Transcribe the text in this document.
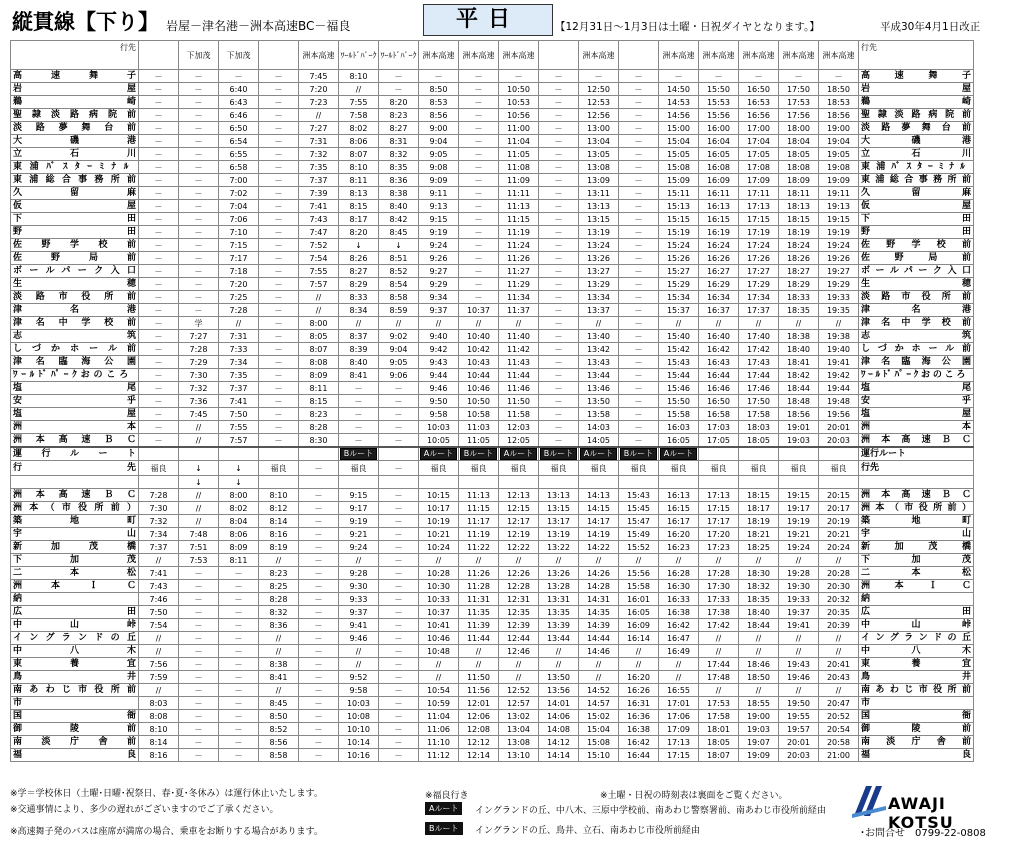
縦貫線【下り】 岩屋－津名港－洲本高速BC－福良	平日	【12月31日～1月3日は土曜・日祝ダイヤとなります。】	平成30年4月1日改正
行先		下加茂	下加茂		洲本高速	ﾜｰﾙﾄﾞﾊﾟｰｸ	ﾜｰﾙﾄﾞﾊﾟｰｸ	洲本高速	洲本高速	洲本高速		洲本高速		洲本高速	洲本高速	洲本高速	洲本高速	洲本高速	行先
高速舞子	－	－	－	－	7:45	8:10	－	－	－	－	－	－	－	－	－	－	－	－	高速舞子
岩屋	－	－	6:40	－	7:20	//	－	8:50	－	10:50	－	12:50	－	14:50	15:50	16:50	17:50	18:50	岩屋
鵜崎	－	－	6:43	－	7:23	7:55	8:20	8:53	－	10:53	－	12:53	－	14:53	15:53	16:53	17:53	18:53	鵜崎
聖隷淡路病院前	－	－	6:46	－	//	7:58	8:23	8:56	－	10:56	－	12:56	－	14:56	15:56	16:56	17:56	18:56	聖隷淡路病院前
淡路夢舞台前	－	－	6:50	－	7:27	8:02	8:27	9:00	－	11:00	－	13:00	－	15:00	16:00	17:00	18:00	19:00	淡路夢舞台前
大磯港	－	－	6:54	－	7:31	8:06	8:31	9:04	－	11:04	－	13:04	－	15:04	16:04	17:04	18:04	19:04	大磯港
立石川	－	－	6:55	－	7:32	8:07	8:32	9:05	－	11:05	－	13:05	－	15:05	16:05	17:05	18:05	19:05	立石川
東浦ﾊﾞｽﾀｰﾐﾅﾙ	－	－	6:58	－	7:35	8:10	8:35	9:08	－	11:08	－	13:08	－	15:08	16:08	17:08	18:08	19:08	東浦ﾊﾞｽﾀｰﾐﾅﾙ
東浦総合事務所前	－	－	7:00	－	7:37	8:11	8:36	9:09	－	11:09	－	13:09	－	15:09	16:09	17:09	18:09	19:09	東浦総合事務所前
久留麻	－	－	7:02	－	7:39	8:13	8:38	9:11	－	11:11	－	13:11	－	15:11	16:11	17:11	18:11	19:11	久留麻
仮屋	－	－	7:04	－	7:41	8:15	8:40	9:13	－	11:13	－	13:13	－	15:13	16:13	17:13	18:13	19:13	仮屋
下田	－	－	7:06	－	7:43	8:17	8:42	9:15	－	11:15	－	13:15	－	15:15	16:15	17:15	18:15	19:15	下田
野田	－	－	7:10	－	7:47	8:20	8:45	9:19	－	11:19	－	13:19	－	15:19	16:19	17:19	18:19	19:19	野田
佐野学校前	－	－	7:15	－	7:52	↓	↓	9:24	－	11:24	－	13:24	－	15:24	16:24	17:24	18:24	19:24	佐野学校前
佐野局前	－	－	7:17	－	7:54	8:26	8:51	9:26	－	11:26	－	13:26	－	15:26	16:26	17:26	18:26	19:26	佐野局前
ボールパーク入口	－	－	7:18	－	7:55	8:27	8:52	9:27	－	11:27	－	13:27	－	15:27	16:27	17:27	18:27	19:27	ボールパーク入口
生穂	－	－	7:20	－	7:57	8:29	8:54	9:29	－	11:29	－	13:29	－	15:29	16:29	17:29	18:29	19:29	生穂
淡路市役所前	－	－	7:25	－	//	8:33	8:58	9:34	－	11:34	－	13:34	－	15:34	16:34	17:34	18:33	19:33	淡路市役所前
津名港	－	－	7:28	－	//	8:34	8:59	9:37	10:37	11:37	－	13:37	－	15:37	16:37	17:37	18:35	19:35	津名港
津名中学校前	－	学	//	－	8:00	//	//	//	//	//	－	//	－	//	//	//	//	//	津名中学校前
志筑	－	7:27	7:31	－	8:05	8:37	9:02	9:40	10:40	11:40	－	13:40	－	15:40	16:40	17:40	18:38	19:38	志筑
しづかホール前	－	7:28	7:33	－	8:07	8:39	9:04	9:42	10:42	11:42	－	13:42	－	15:42	16:42	17:42	18:40	19:40	しづかホール前
津名臨海公園	－	7:29	7:34	－	8:08	8:40	9:05	9:43	10:43	11:43	－	13:43	－	15:43	16:43	17:43	18:41	19:41	津名臨海公園
ﾜｰﾙﾄﾞﾊﾟｰｸおのころ	－	7:30	7:35	－	8:09	8:41	9:06	9:44	10:44	11:44	－	13:44	－	15:44	16:44	17:44	18:42	19:42	ﾜｰﾙﾄﾞﾊﾟｰｸおのころ
塩尾	－	7:32	7:37	－	8:11	－	－	9:46	10:46	11:46	－	13:46	－	15:46	16:46	17:46	18:44	19:44	塩尾
安乎	－	7:36	7:41	－	8:15	－	－	9:50	10:50	11:50	－	13:50	－	15:50	16:50	17:50	18:48	19:48	安乎
塩屋	－	7:45	7:50	－	8:23	－	－	9:58	10:58	11:58	－	13:58	－	15:58	16:58	17:58	18:56	19:56	塩屋
洲本	－	//	7:55	－	8:28	－	－	10:03	11:03	12:03	－	14:03	－	16:03	17:03	18:03	19:01	20:01	洲本
洲本高速ＢＣ	－	//	7:57	－	8:30	－	－	10:05	11:05	12:05	－	14:05	－	16:05	17:05	18:05	19:03	20:03	洲本高速ＢＣ
運行ルート						Bルート		Aルート	Bルート	Aルート	Bルート	Aルート	Bルート	Aルート					運行ルート
行先	福良	↓	↓	福良	－	福良	－	福良	福良	福良	福良	福良	福良	福良	福良	福良	福良	福良	行先
		↓	↓																
洲本高速ＢＣ	7:28	//	8:00	8:10	－	9:15	－	10:15	11:13	12:13	13:13	14:13	15:43	16:13	17:13	18:15	19:15	20:15	洲本高速ＢＣ
洲本（市役所前）	7:30	//	8:02	8:12	－	9:17	－	10:17	11:15	12:15	13:15	14:15	15:45	16:15	17:15	18:17	19:17	20:17	洲本（市役所前）
築地町	7:32	//	8:04	8:14	－	9:19	－	10:19	11:17	12:17	13:17	14:17	15:47	16:17	17:17	18:19	19:19	20:19	築地町
宇山	7:34	7:48	8:06	8:16	－	9:21	－	10:21	11:19	12:19	13:19	14:19	15:49	16:20	17:20	18:21	19:21	20:21	宇山
新加茂橋	7:37	7:51	8:09	8:19	－	9:24	－	10:24	11:22	12:22	13:22	14:22	15:52	16:23	17:23	18:25	19:24	20:24	新加茂橋
下加茂	//	7:53	8:11	//	－	//	－	//	//	//	//	//	//	//	//	//	//	//	下加茂
二本松	7:41	－	－	8:23	－	9:28	－	10:28	11:26	12:26	13:26	14:26	15:56	16:28	17:28	18:30	19:28	20:28	二本松
洲本ＩＣ	7:43	－	－	8:25	－	9:30	－	10:30	11:28	12:28	13:28	14:28	15:58	16:30	17:30	18:32	19:30	20:30	洲本ＩＣ
納	7:46	－	－	8:28	－	9:33	－	10:33	11:31	12:31	13:31	14:31	16:01	16:33	17:33	18:35	19:33	20:32	納
広田	7:50	－	－	8:32	－	9:37	－	10:37	11:35	12:35	13:35	14:35	16:05	16:38	17:38	18:40	19:37	20:35	広田
中山峠	7:54	－	－	8:36	－	9:41	－	10:41	11:39	12:39	13:39	14:39	16:09	16:42	17:42	18:44	19:41	20:39	中山峠
イングランドの丘	//	－	－	//	－	9:46	－	10:46	11:44	12:44	13:44	14:44	16:14	16:47	//	//	//	//	イングランドの丘
中八木	//	－	－	//	－	//	－	10:48	//	12:46	//	14:46	//	16:49	//	//	//	//	中八木
東養宜	7:56	－	－	8:38	－	//	－	//	//	//	//	//	//	//	17:44	18:46	19:43	20:41	東養宜
鳥井	7:59	－	－	8:41	－	9:52	－	//	11:50	//	13:50	//	16:20	//	17:48	18:50	19:46	20:43	鳥井
南あわじ市役所前	//	－	－	//	－	9:58	－	10:54	11:56	12:52	13:56	14:52	16:26	16:55	//	//	//	//	南あわじ市役所前
市	8:03	－	－	8:45	－	10:03	－	10:59	12:01	12:57	14:01	14:57	16:31	17:01	17:53	18:55	19:50	20:47	市
国衙	8:08	－	－	8:50	－	10:08	－	11:04	12:06	13:02	14:06	15:02	16:36	17:06	17:58	19:00	19:55	20:52	国衙
御陵前	8:10	－	－	8:52	－	10:10	－	11:06	12:08	13:04	14:08	15:04	16:38	17:09	18:01	19:03	19:57	20:54	御陵前
南淡庁舎前	8:14	－	－	8:56	－	10:14	－	11:10	12:12	13:08	14:12	15:08	16:42	17:13	18:05	19:07	20:01	20:58	南淡庁舎前
福良	8:16	－	－	8:58	－	10:16	－	11:12	12:14	13:10	14:14	15:10	16:44	17:15	18:07	19:09	20:03	21:00	福良
※学＝学校休日（土曜･日曜･祝祭日、春･夏･冬休み）は運行休止いたします。
※交通事情により、多少の遅れがございますのでご了承ください。
※高速舞子発のバスは座席が満席の場合、乗車をお断りする場合があります。
※福良行き	※土曜・日祝の時刻表は裏面をご覧ください。
Aルート	イングランドの丘、中八木、三原中学校前、南あわじ警察署前、南あわじ市役所前経由
Bルート	イングランドの丘、鳥井、立石、南あわじ市役所前経由
AWAJI KOTSU
･お問合せ　0799-22-0808
